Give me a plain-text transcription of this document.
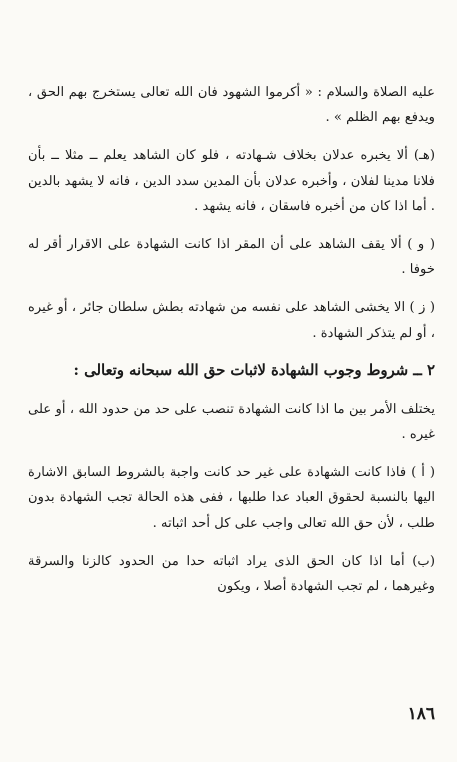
عليه الصلاة والسلام : « أكرموا الشهود فان الله تعالى يستخرج بهم الحق ، ويدفع بهم الظلم » .

(هـ) ألا يخبره عدلان بخلاف شـهادته ، فلو كان الشاهد يعلم ــ مثلا ــ بأن فلانا مدينا لفلان ، وأخبره عدلان بأن المدين سدد الدين ، فانه لا يشهد بالدين . أما اذا كان من أخبره فاسقان ، فانه يشهد .

( و ) ألا يقف الشاهد على أن المقر اذا كانت الشهادة على الاقرار أقر له خوفا .

( ز ) الا يخشى الشاهد على نفسه من شهادته بطش سلطان جائر ، أو غيره ، أو لم يتذكر الشهادة .

٢ ــ شروط وجوب الشهادة لاثبات حق الله سبحانه وتعالى :

يختلف الأمر بين ما اذا كانت الشهادة تنصب على حد من حدود الله ، أو على غيره .

( أ ) فاذا كانت الشهادة على غير حد كانت واجبة بالشروط السابق الاشارة اليها بالنسبة لحقوق العباد عدا طلبها ، ففى هذه الحالة تجب الشهادة بدون طلب ، لأن حق الله تعالى واجب على كل أحد اثباته .

(ب) أما اذا كان الحق الذى يراد اثباته حدا من الحدود كالزنا والسرقة وغيرهما ، لم تجب الشهادة أصلا ، ويكون

١٨٦
